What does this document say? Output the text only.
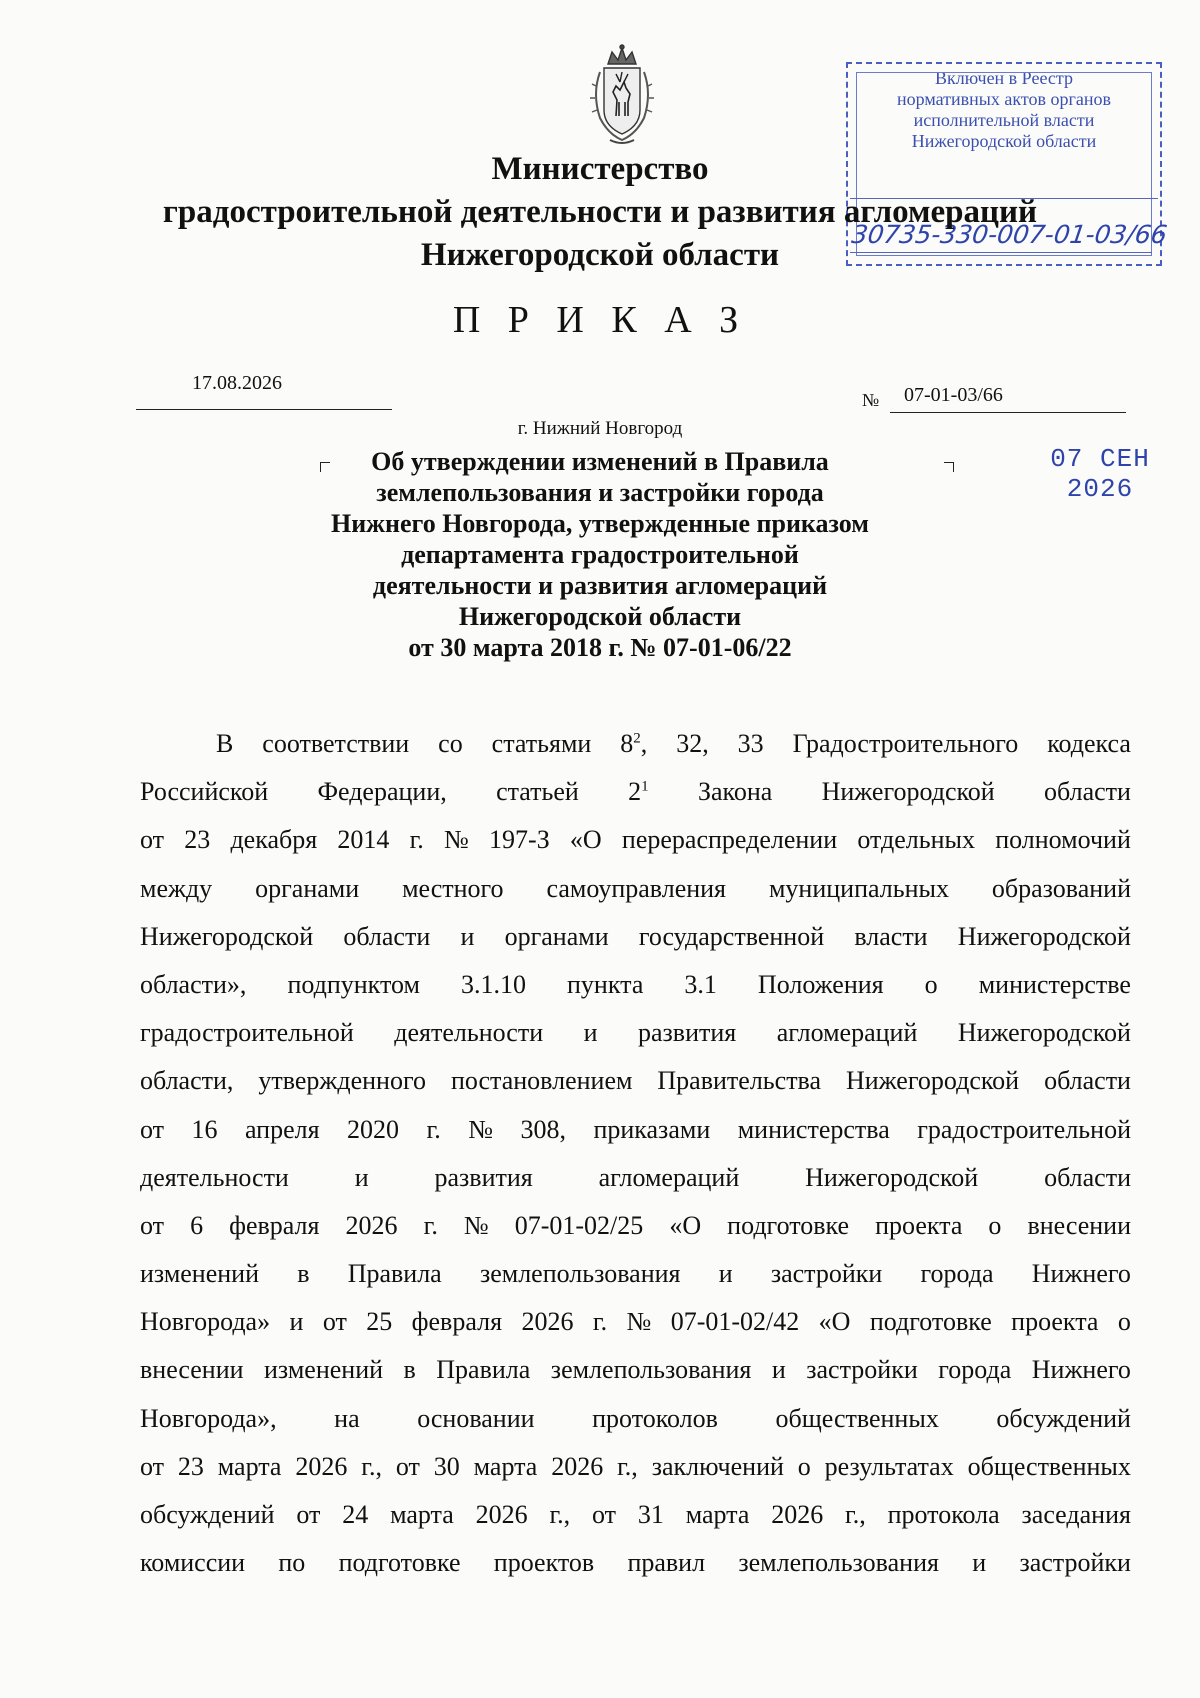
Включен в Реестр
нормативных актов органов
исполнительной власти
Нижегородской области
07 СЕН 2026
30735-330-007-01-03/66
Министерство
градостроительной деятельности и развития агломераций
Нижегородской области
П Р И К А З
17.08.2026
№ 07-01-03/66
г. Нижний Новгород
Об утверждении изменений в Правила
землепользования и застройки города
Нижнего Новгорода, утвержденные приказом
департамента градостроительной
деятельности и развития агломераций
Нижегородской области
от 30 марта 2018 г. № 07-01-06/22
В соответствии со статьями $8^2$, 32, 33 Градостроительного кодекса
Российской Федерации, статьей $2^1$ Закона Нижегородской области
от 23 декабря 2014 г. № 197-З «О перераспределении отдельных полномочий
между органами местного самоуправления муниципальных образований
Нижегородской области и органами государственной власти Нижегородской
области», подпунктом 3.1.10 пункта 3.1 Положения о министерстве
градостроительной деятельности и развития агломераций Нижегородской
области, утвержденного постановлением Правительства Нижегородской области
от 16 апреля 2020 г. № 308, приказами министерства градостроительной
деятельности	и	развития	агломераций	Нижегородской	области
от 6 февраля 2026 г. № 07-01-02/25 «О подготовке проекта о внесении
изменений в Правила землепользования и застройки города Нижнего
Новгорода» и от 25 февраля 2026 г. № 07-01-02/42 «О подготовке проекта о
внесении изменений в Правила землепользования и застройки города Нижнего
Новгорода», на основании протоколов общественных обсуждений
от 23 марта 2026 г., от 30 марта 2026 г., заключений о результатах общественных
обсуждений от 24 марта 2026 г., от 31 марта 2026 г., протокола заседания
комиссии по подготовке проектов правил землепользования и застройки
